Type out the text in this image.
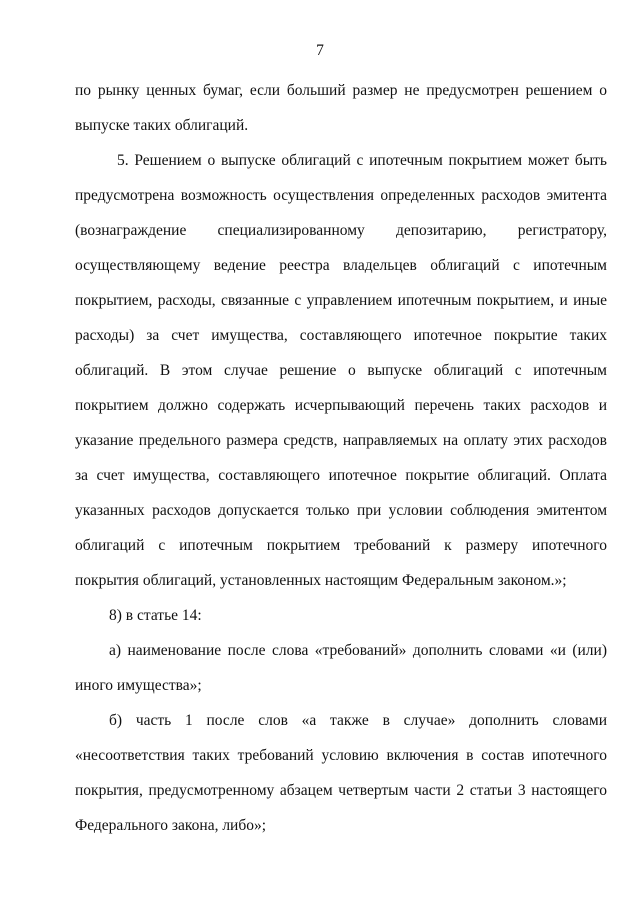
7
по рынку ценных бумаг, если больший размер не предусмотрен решением о
выпуске таких облигаций.
5. Решением о выпуске облигаций с ипотечным покрытием может быть
предусмотрена возможность осуществления определенных расходов эмитента
(вознаграждение специализированному депозитарию, регистратору,
осуществляющему ведение реестра владельцев облигаций с ипотечным
покрытием, расходы, связанные с управлением ипотечным покрытием, и иные
расходы) за счет имущества, составляющего ипотечное покрытие таких
облигаций. В этом случае решение о выпуске облигаций с ипотечным
покрытием должно содержать исчерпывающий перечень таких расходов и
указание предельного размера средств, направляемых на оплату этих расходов
за счет имущества, составляющего ипотечное покрытие облигаций. Оплата
указанных расходов допускается только при условии соблюдения эмитентом
облигаций с ипотечным покрытием требований к размеру ипотечного
покрытия облигаций, установленных настоящим Федеральным законом.»;
8) в статье 14:
а) наименование после слова «требований» дополнить словами «и (или)
иного имущества»;
б) часть 1 после слов «а также в случае» дополнить словами
«несоответствия таких требований условию включения в состав ипотечного
покрытия, предусмотренному абзацем четвертым части 2 статьи 3 настоящего
Федерального закона, либо»;
